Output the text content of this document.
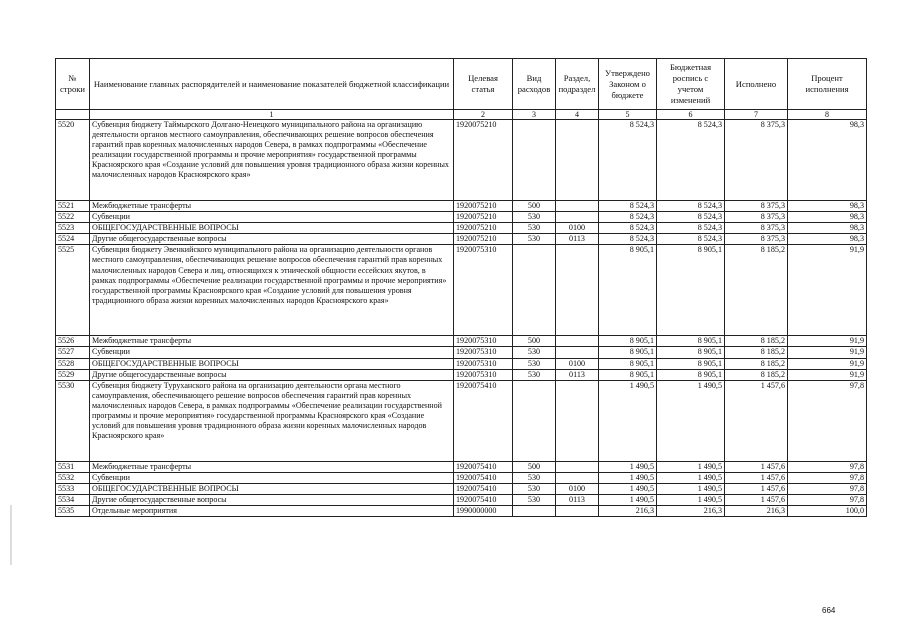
№ строки	Наименование главных распорядителей и наименование показателей бюджетной классификации	Целевая статья	Вид расходов	Раздел, подраздел	Утверждено Законом о бюджете	Бюджетная роспись с учетом изменений	Исполнено	Процент исполнения
	1	2	3	4	5	6	7	8
5520	Субвенция бюджету Таймырского Долгано-Ненецкого муниципального района на организацию деятельности органов местного самоуправления, обеспечивающих решение вопросов обеспечения гарантий прав коренных малочисленных народов Севера, в рамках подпрограммы «Обеспечение реализации государственной программы и прочие мероприятия» государственной программы Красноярского края «Создание условий для повышения уровня традиционного образа жизни коренных малочисленных народов Красноярского края»	1920075210			8 524,3	8 524,3	8 375,3	98,3
5521	Межбюджетные трансферты	1920075210	500		8 524,3	8 524,3	8 375,3	98,3
5522	Субвенции	1920075210	530		8 524,3	8 524,3	8 375,3	98,3
5523	ОБЩЕГОСУДАРСТВЕННЫЕ ВОПРОСЫ	1920075210	530	0100	8 524,3	8 524,3	8 375,3	98,3
5524	Другие общегосударственные вопросы	1920075210	530	0113	8 524,3	8 524,3	8 375,3	98,3
5525	Субвенция бюджету Эвенкийского муниципального района на организацию деятельности органов местного самоуправления, обеспечивающих решение вопросов обеспечения гарантий прав коренных малочисленных народов Севера и лиц, относящихся к этнической общности ессейских якутов, в рамках подпрограммы «Обеспечение реализации государственной программы и прочие мероприятия» государственной программы Красноярского края «Создание условий для повышения уровня традиционного образа жизни коренных малочисленных народов Красноярского края»	1920075310			8 905,1	8 905,1	8 185,2	91,9
5526	Межбюджетные трансферты	1920075310	500		8 905,1	8 905,1	8 185,2	91,9
5527	Субвенции	1920075310	530		8 905,1	8 905,1	8 185,2	91,9
5528	ОБЩЕГОСУДАРСТВЕННЫЕ ВОПРОСЫ	1920075310	530	0100	8 905,1	8 905,1	8 185,2	91,9
5529	Другие общегосударственные вопросы	1920075310	530	0113	8 905,1	8 905,1	8 185,2	91,9
5530	Субвенция бюджету Туруханского района на организацию деятельности органа местного самоуправления, обеспечивающего решение вопросов обеспечения гарантий прав коренных малочисленных народов Севера, в рамках подпрограммы «Обеспечение реализации государственной программы и прочие мероприятия» государственной программы Красноярского края «Создание условий для повышения уровня традиционного образа жизни коренных малочисленных народов Красноярского края»	1920075410			1 490,5	1 490,5	1 457,6	97,8
5531	Межбюджетные трансферты	1920075410	500		1 490,5	1 490,5	1 457,6	97,8
5532	Субвенции	1920075410	530		1 490,5	1 490,5	1 457,6	97,8
5533	ОБЩЕГОСУДАРСТВЕННЫЕ ВОПРОСЫ	1920075410	530	0100	1 490,5	1 490,5	1 457,6	97,8
5534	Другие общегосударственные вопросы	1920075410	530	0113	1 490,5	1 490,5	1 457,6	97,8
5535	Отдельные мероприятия	1990000000			216,3	216,3	216,3	100,0
664
